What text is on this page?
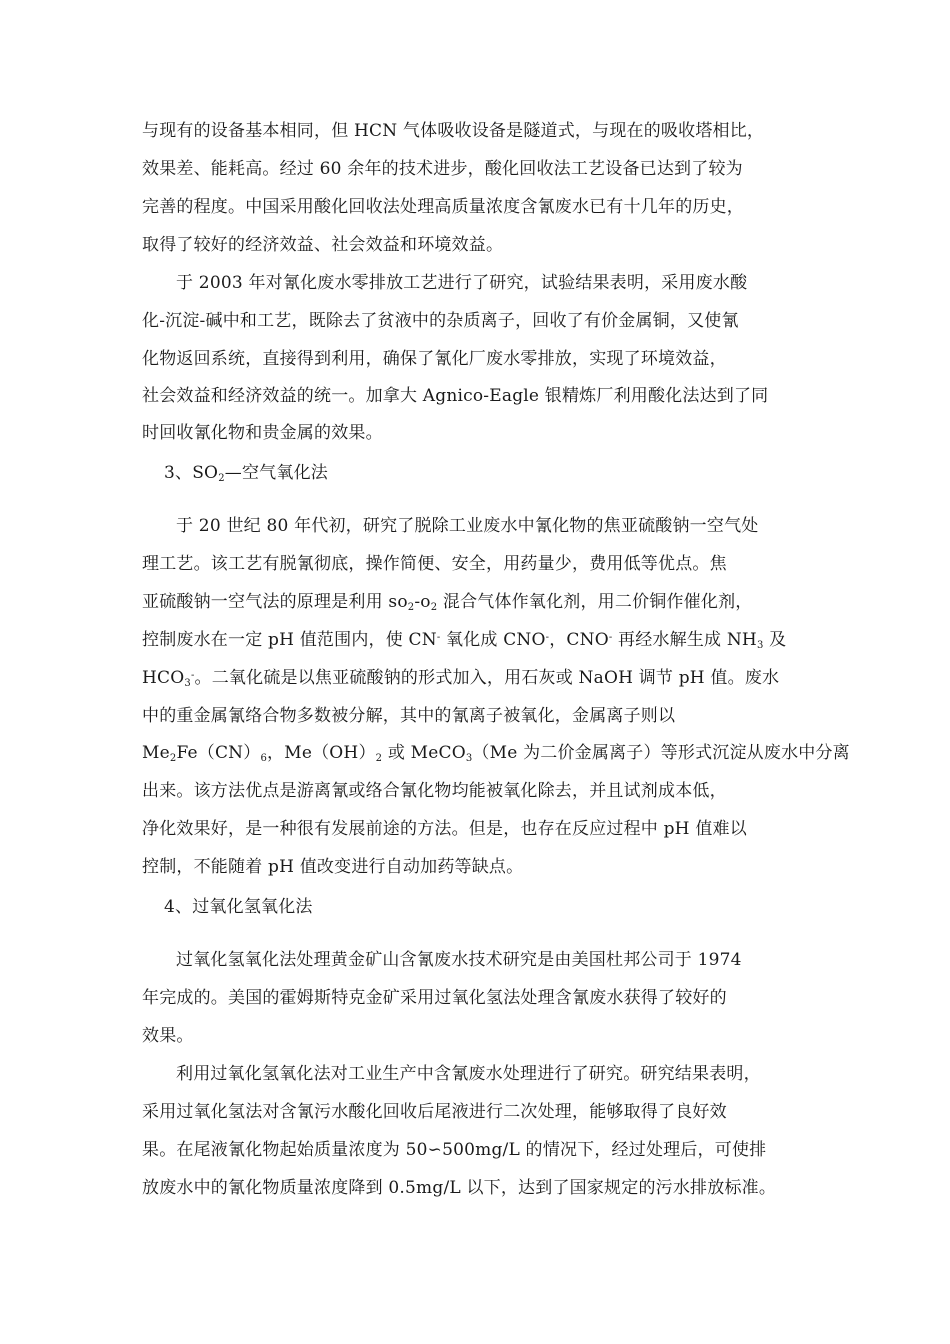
与现有的设备基本相同，但 HCN 气体吸收设备是隧道式，与现在的吸收塔相比，
效果差、能耗高。经过 60 余年的技术进步，酸化回收法工艺设备已达到了较为
完善的程度。中国采用酸化回收法处理高质量浓度含氰废水已有十几年的历史，
取得了较好的经济效益、社会效益和环境效益。
于 2003 年对氰化废水零排放工艺进行了研究，试验结果表明，采用废水酸
化-沉淀-碱中和工艺，既除去了贫液中的杂质离子，回收了有价金属铜，又使氰
化物返回系统，直接得到利用，确保了氰化厂废水零排放，实现了环境效益，
社会效益和经济效益的统一。加拿大 Agnico-Eagle 银精炼厂利用酸化法达到了同
时回收氰化物和贵金属的效果。
3、$SO_2—$空气氧化法
于 20 世纪 80 年代初，研究了脱除工业废水中氰化物的焦亚硫酸钠一空气处
理工艺。该工艺有脱氰彻底，操作简便、安全，用药量少，费用低等优点。焦
亚硫酸钠一空气法的原理是利用 $so_2-o_2$ 混合气体作氧化剂，用二价铜作催化剂，
控制废水在一定 pH 值范围内，使 CN- 氧化成 CNO-，CNO- 再经水解生成 $NH_3$ 及
$HCO_3^-$。二氧化硫是以焦亚硫酸钠的形式加入，用石灰或 NaOH 调节 pH 值。废水
中的重金属氰络合物多数被分解，其中的氰离子被氧化，金属离子则以
$Me_2Fe(CN)_6$，$Me(OH)_2$ 或 MeCO$_3$（Me 为二价金属离子）等形式沉淀从废水中分离
出来。该方法优点是游离氰或络合氰化物均能被氧化除去，并且试剂成本低，
净化效果好，是一种很有发展前途的方法。但是，也存在反应过程中 pH 值难以
控制，不能随着 pH 值改变进行自动加药等缺点。
4、过氧化氢氧化法
过氧化氢氧化法处理黄金矿山含氰废水技术研究是由美国杜邦公司于 1974
年完成的。美国的霍姆斯特克金矿采用过氧化氢法处理含氰废水获得了较好的
效果。
利用过氧化氢氧化法对工业生产中含氰废水处理进行了研究。研究结果表明，
采用过氧化氢法对含氰污水酸化回收后尾液进行二次处理，能够取得了良好效
果。在尾液氰化物起始质量浓度为 50∽500mg/L 的情况下，经过处理后，可使排
放废水中的氰化物质量浓度降到 0.5mg/L 以下，达到了国家规定的污水排放标准。
